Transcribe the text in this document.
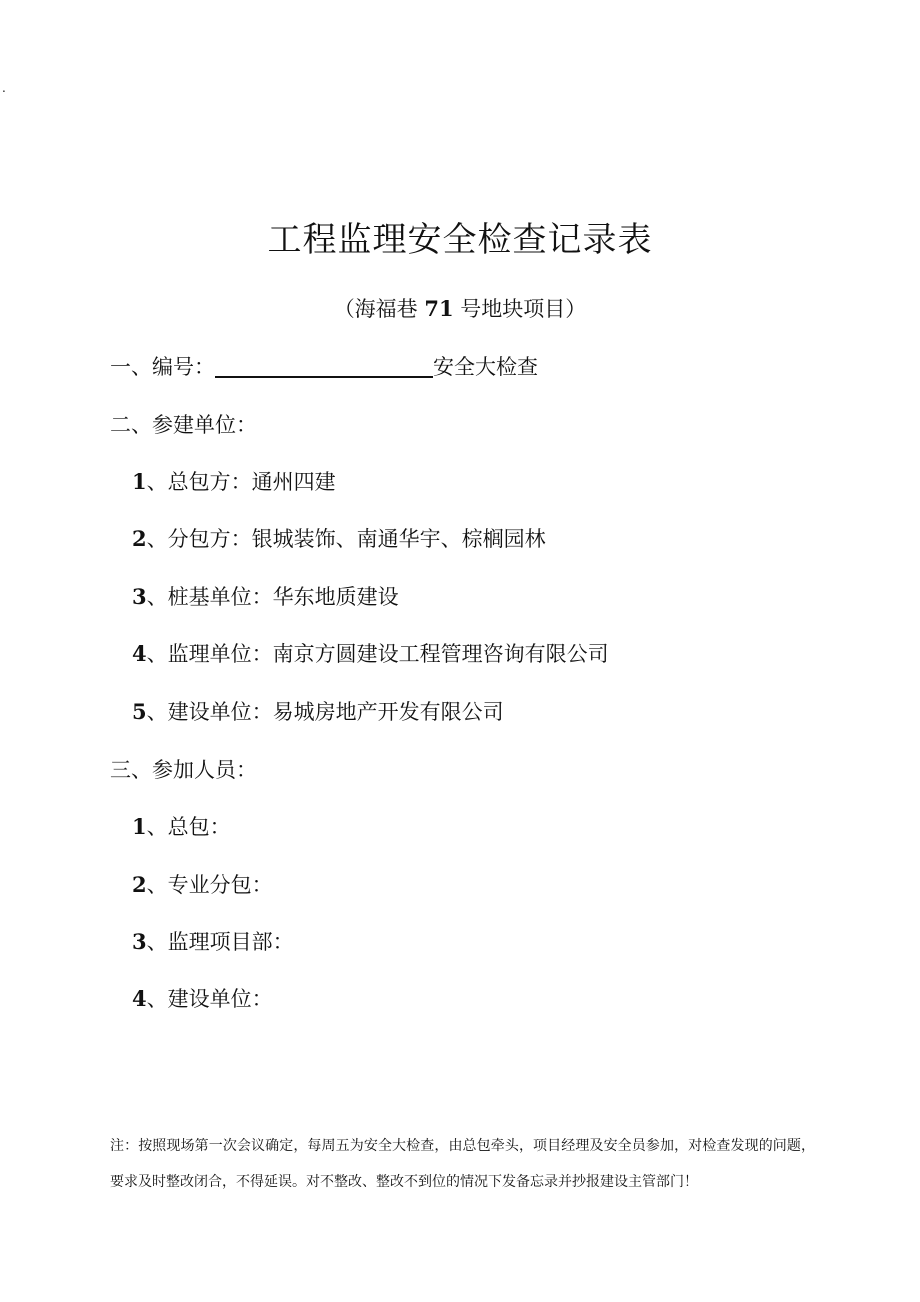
.
工程监理安全检查记录表
（海福巷 71 号地块项目）
一、编号：	安全大检查
二、参建单位：
1、总包方：通州四建
2、分包方：银城装饰、南通华宇、棕榈园林
3、桩基单位：华东地质建设
4、监理单位：南京方圆建设工程管理咨询有限公司
5、建设单位：易城房地产开发有限公司
三、参加人员：
1、总包：
2、专业分包：
3、监理项目部：
4、建设单位：
注：按照现场第一次会议确定，每周五为安全大检查，由总包牵头，项目经理及安全员参加，对检查发现的问题，要求及时整改闭合，不得延误。对不整改、整改不到位的情况下发备忘录并抄报建设主管部门！
